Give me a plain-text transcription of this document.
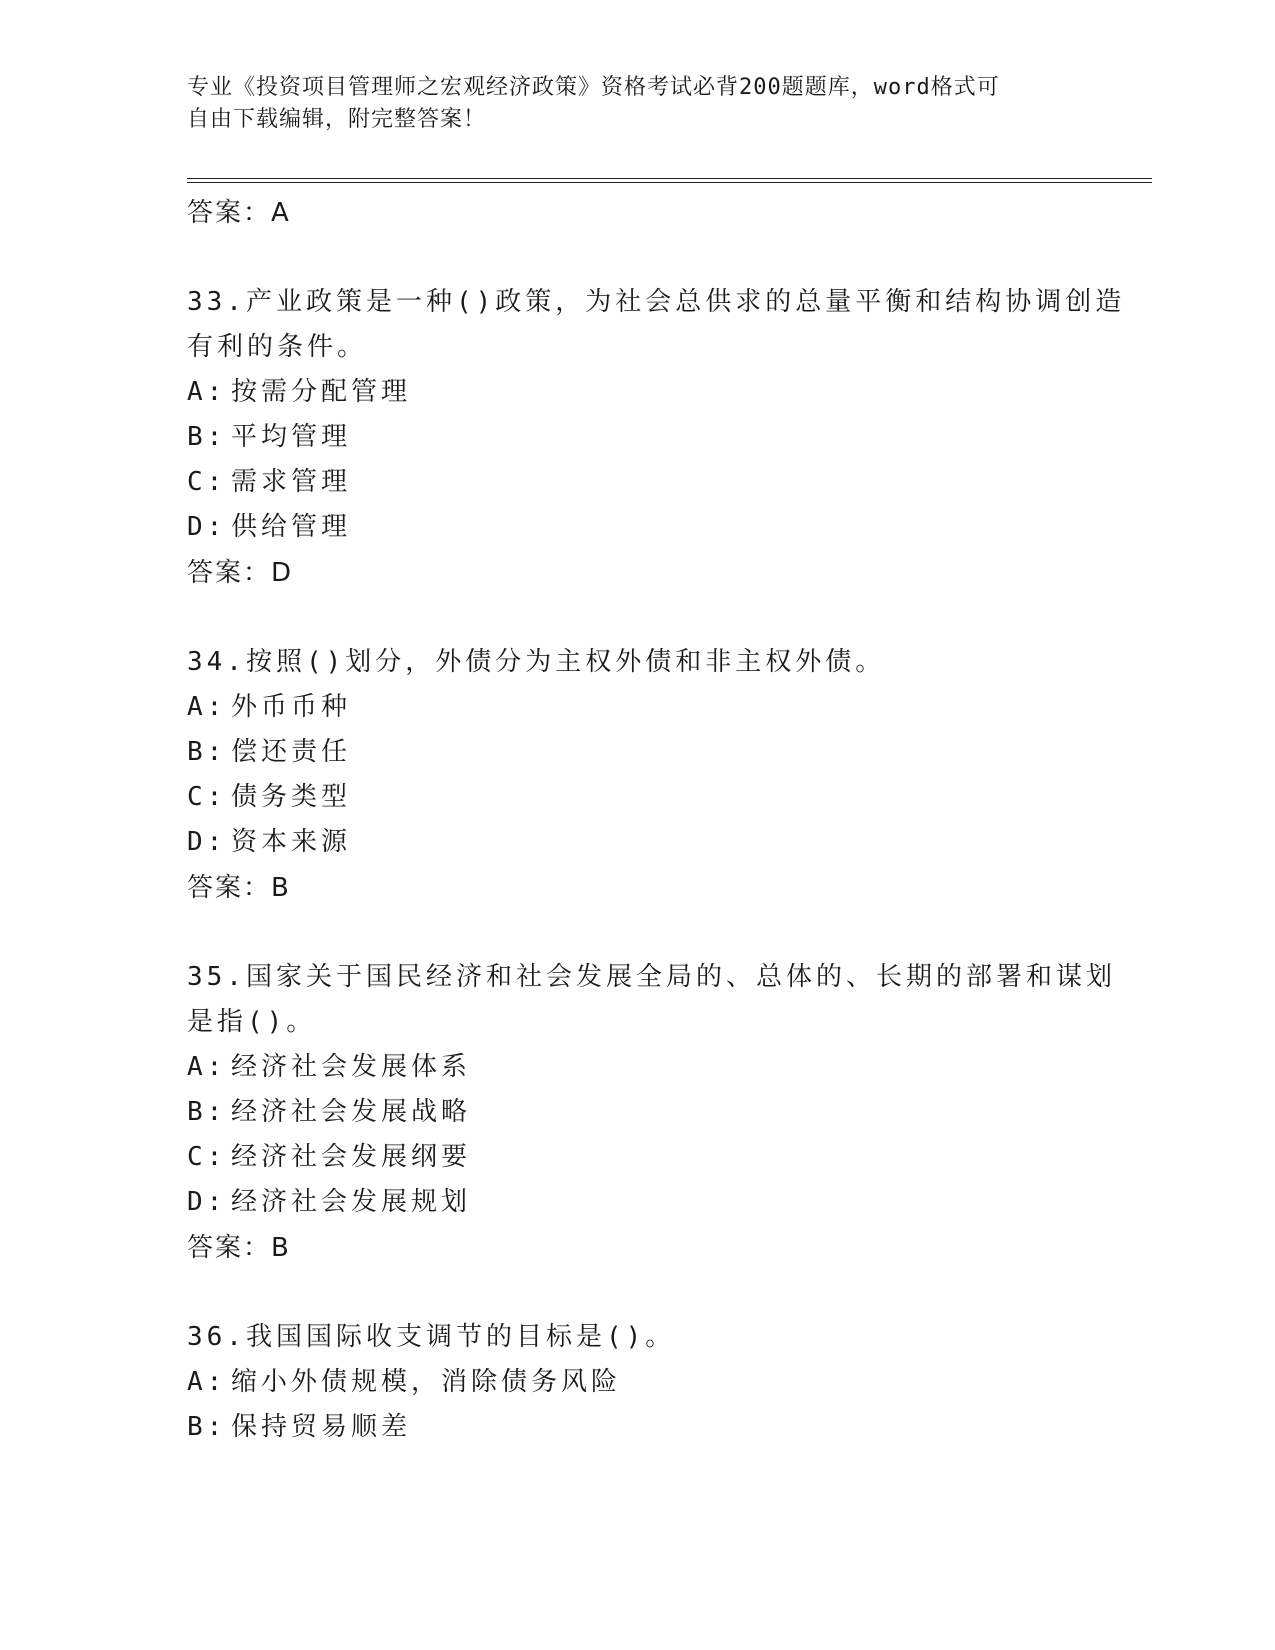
专业《投资项目管理师之宏观经济政策》资格考试必背200题题库，word格式可
自由下载编辑，附完整答案！
答案：A
33.产业政策是一种()政策，为社会总供求的总量平衡和结构协调创造
有利的条件。
A: 按需分配管理
B: 平均管理
C: 需求管理
D: 供给管理
答案：D
34.按照()划分，外债分为主权外债和非主权外债。
A: 外币币种
B: 偿还责任
C: 债务类型
D: 资本来源
答案：B
35.国家关于国民经济和社会发展全局的、总体的、长期的部署和谋划
是指()。
A: 经济社会发展体系
B: 经济社会发展战略
C: 经济社会发展纲要
D: 经济社会发展规划
答案：B
36.我国国际收支调节的目标是()。
A: 缩小外债规模，消除债务风险
B: 保持贸易顺差
